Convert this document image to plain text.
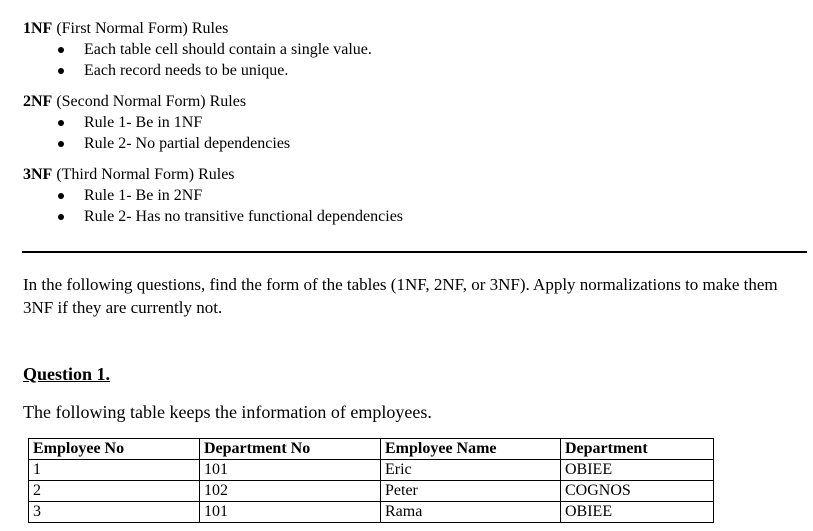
1NF (First Normal Form) Rules
Each table cell should contain a single value.
Each record needs to be unique.
2NF (Second Normal Form) Rules
Rule 1- Be in 1NF
Rule 2- No partial dependencies
3NF (Third Normal Form) Rules
Rule 1- Be in 2NF
Rule 2- Has no transitive functional dependencies
In the following questions, find the form of the tables (1NF, 2NF, or 3NF). Apply normalizations to make them 3NF if they are currently not.
Question 1.
The following table keeps the information of employees.
Employee No	Department No	Employee Name	Department
1	101	Eric	OBIEE
2	102	Peter	COGNOS
3	101	Rama	OBIEE
